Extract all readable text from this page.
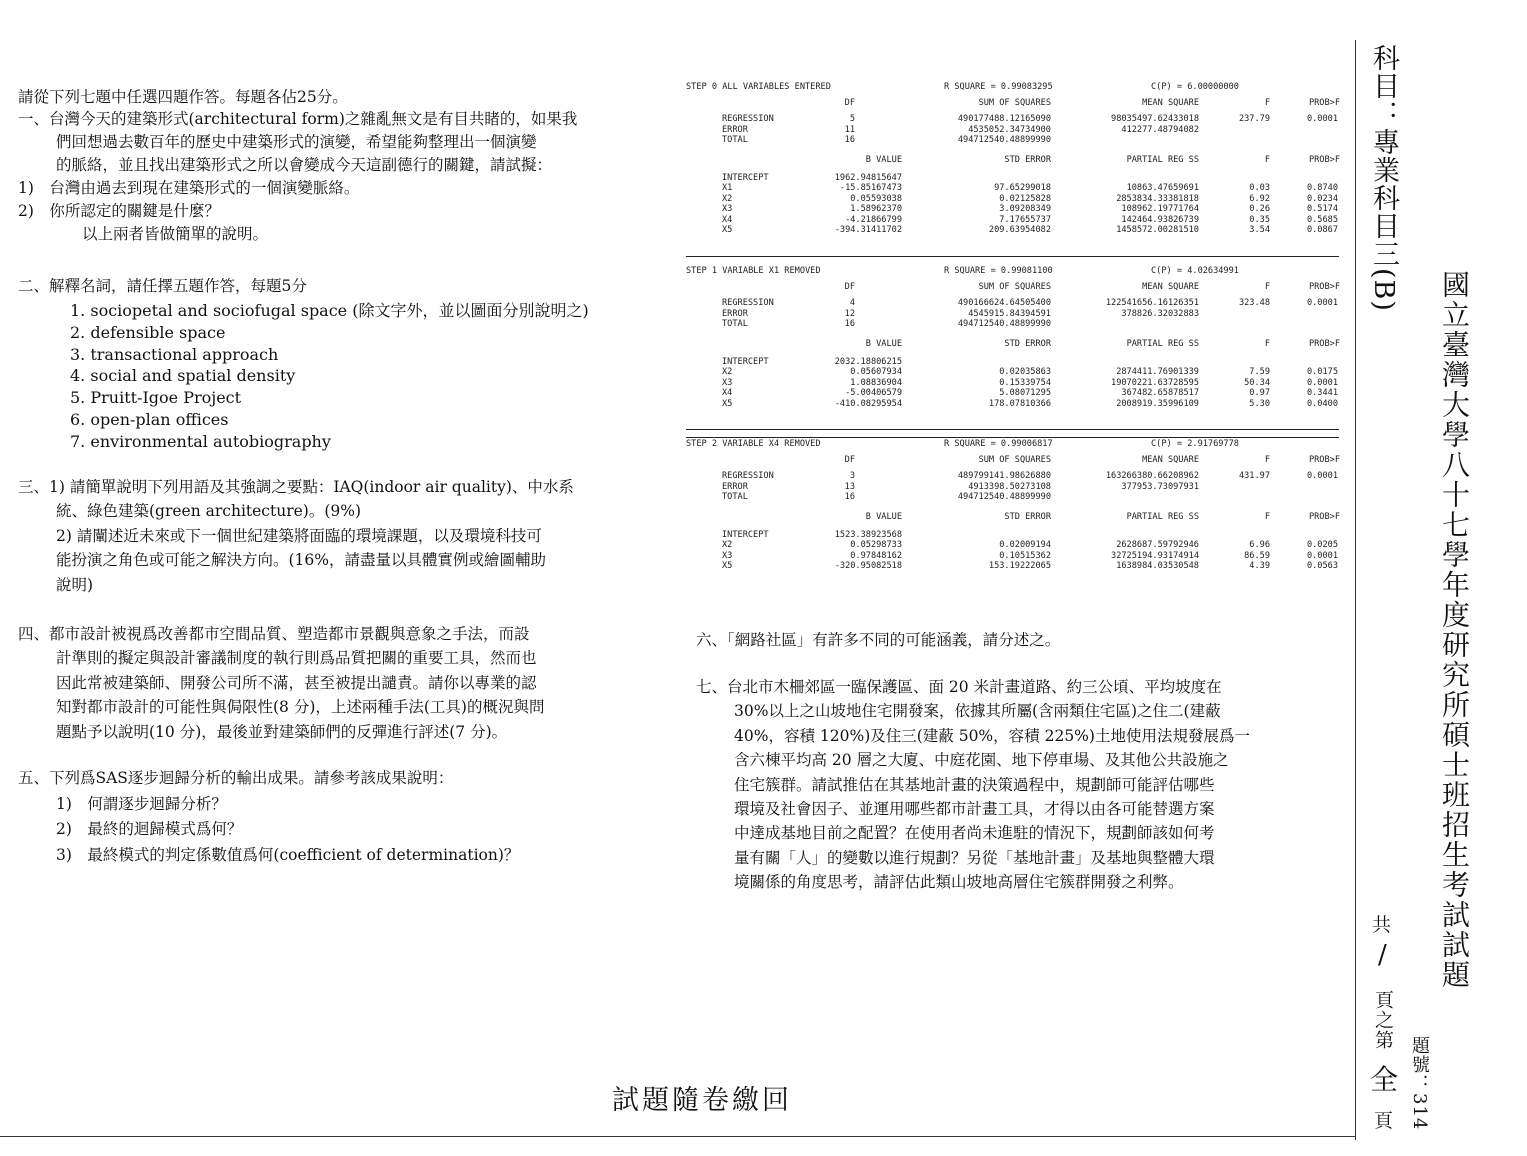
請從下列七題中任選四題作答。每題各佔25分。
一、台灣今天的建築形式(architectural form)之雜亂無文是有目共睹的，如果我
們回想過去數百年的歷史中建築形式的演變，希望能夠整理出一個演變
的脈絡，並且找出建築形式之所以會變成今天這副德行的關鍵，請試擬：
1)　台灣由過去到現在建築形式的一個演變脈絡。
2)　你所認定的關鍵是什麼？
以上兩者皆做簡單的說明。
二、解釋名詞，請任擇五題作答，每題5分
1. sociopetal and sociofugal space (除文字外，並以圖面分別說明之)
2. defensible space
3. transactional approach
4. social and spatial density
5. Pruitt-Igoe Project
6. open-plan offices
7. environmental autobiography
三、1) 請簡單說明下列用語及其強調之要點：IAQ(indoor air quality)、中水系
統、綠色建築(green architecture)。(9%)
2) 請闡述近未來或下一個世紀建築將面臨的環境課題，以及環境科技可
能扮演之角色或可能之解決方向。(16%，請盡量以具體實例或繪圖輔助
說明)
四、都市設計被視爲改善都市空間品質、塑造都市景觀與意象之手法，而設
計準則的擬定與設計審議制度的執行則爲品質把關的重要工具，然而也
因此常被建築師、開發公司所不滿，甚至被提出譴責。請你以專業的認
知對都市設計的可能性與侷限性(8 分)，上述兩種手法(工具)的概況與問
題點予以說明(10 分)，最後並對建築師們的反彈進行評述(7 分)。
五、下列爲SAS逐步迴歸分析的輸出成果。請參考該成果說明：
1)　何謂逐步迴歸分析？
2)　最終的迴歸模式爲何？
3)　最終模式的判定係數值爲何(coefficient of determination)？
STEP 0 ALL VARIABLES ENTERED	R SQUARE = 0.99083295	C(P) = 6.00000000
DF	SUM OF SQUARES	MEAN SQUARE	F	PROB>F
REGRESSION	5	490177488.12165090	98035497.62433018	237.79	0.0001
ERROR	11	4535052.34734900	412277.48794082
TOTAL	16	494712540.48899990
B VALUE	STD ERROR	PARTIAL REG SS	F	PROB>F
INTERCEPT	1962.94815647
X1	-15.85167473	97.65299018	10863.47659691	0.03	0.8740
X2	0.05593038	0.02125828	2853834.33381818	6.92	0.0234
X3	1.58962370	3.09208349	108962.19771764	0.26	0.5174
X4	-4.21866799	7.17655737	142464.93826739	0.35	0.5685
X5	-394.31411702	209.63954082	1458572.00281510	3.54	0.0867
STEP 1 VARIABLE X1 REMOVED	R SQUARE = 0.99081100	C(P) = 4.02634991
DF	SUM OF SQUARES	MEAN SQUARE	F	PROB>F
REGRESSION	4	490166624.64505400	122541656.16126351	323.48	0.0001
ERROR	12	4545915.84394591	378826.32032883
TOTAL	16	494712540.48899990
B VALUE	STD ERROR	PARTIAL REG SS	F	PROB>F
INTERCEPT	2032.18806215
X2	0.05607934	0.02035863	2874411.76901339	7.59	0.0175
X3	1.08836904	0.15339754	19070221.63728595	50.34	0.0001
X4	-5.00406579	5.08071295	367482.65878517	0.97	0.3441
X5	-410.08295954	178.07810366	2008919.35996109	5.30	0.0400
STEP 2 VARIABLE X4 REMOVED	R SQUARE = 0.99006817	C(P) = 2.91769778
DF	SUM OF SQUARES	MEAN SQUARE	F	PROB>F
REGRESSION	3	489799141.98626880	163266380.66208962	431.97	0.0001
ERROR	13	4913398.50273108	377953.73097931
TOTAL	16	494712540.48899990
B VALUE	STD ERROR	PARTIAL REG SS	F	PROB>F
INTERCEPT	1523.38923568
X2	0.05298733	0.02009194	2628687.59792946	6.96	0.0205
X3	0.97848162	0.10515362	32725194.93174914	86.59	0.0001
X5	-320.95082518	153.19222065	1638984.03530548	4.39	0.0563
六、「網路社區」有許多不同的可能涵義，請分述之。
七、台北市木柵郊區一臨保護區、面 20 米計畫道路、約三公頃、平均坡度在
30%以上之山坡地住宅開發案，依據其所屬(含兩類住宅區)之住二(建蔽
40%，容積 120%)及住三(建蔽 50%，容積 225%)土地使用法規發展爲一
含六棟平均高 20 層之大廈、中庭花園、地下停車場、及其他公共設施之
住宅簇群。請試推估在其基地計畫的決策過程中，規劃師可能評估哪些
環境及社會因子、並運用哪些都市計畫工具，才得以由各可能替選方案
中達成基地目前之配置？在使用者尚未進駐的情況下，規劃師該如何考
量有關「人」的變數以進行規劃？另從「基地計畫」及基地與整體大環
境關係的角度思考，請評估此類山坡地高層住宅簇群開發之利弊。
試題隨卷繳回
科目：專業科目三(B)
國立臺灣大學八十七學年度研究所碩士班招生考試試題
共
/
頁之第
全
頁 題號：314
